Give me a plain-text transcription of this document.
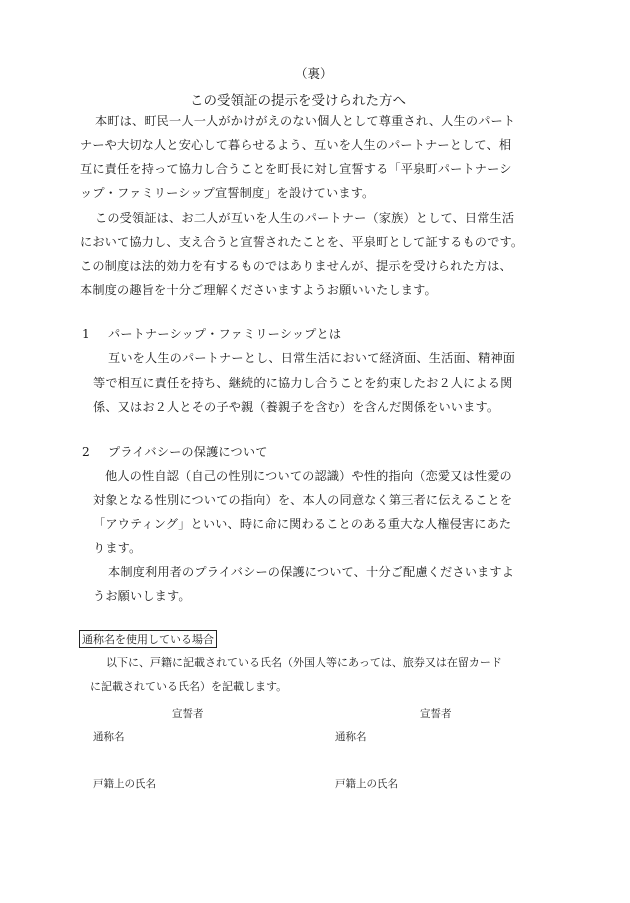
（裏）
この受領証の提示を受けられた方へ
本町は、町民一人一人がかけがえのない個人として尊重され、人生のパート
ナーや大切な人と安心して暮らせるよう、互いを人生のパートナーとして、相
互に責任を持って協力し合うことを町長に対し宣誓する「平泉町パートナーシ
ップ・ファミリーシップ宣誓制度」を設けています。
この受領証は、お二人が互いを人生のパートナー（家族）として、日常生活
において協力し、支え合うと宣誓されたことを、平泉町として証するものです。
この制度は法的効力を有するものではありませんが、提示を受けられた方は、
本制度の趣旨を十分ご理解くださいますようお願いいたします。
1 パートナーシップ・ファミリーシップとは
互いを人生のパートナーとし、日常生活において経済面、生活面、精神面
等で相互に責任を持ち、継続的に協力し合うことを約束したお２人による関
係、又はお２人とその子や親（養親子を含む）を含んだ関係をいいます。
2 プライバシーの保護について
他人の性自認（自己の性別についての認識）や性的指向（恋愛又は性愛の
対象となる性別についての指向）を、本人の同意なく第三者に伝えることを
「アウティング」といい、時に命に関わることのある重大な人権侵害にあた
ります。
本制度利用者のプライバシーの保護について、十分ご配慮くださいますよ
うお願いします。
通称名を使用している場合
以下に、戸籍に記載されている氏名（外国人等にあっては、旅券又は在留カード
に記載されている氏名）を記載します。
宣誓者	宣誓者
通称名	通称名
戸籍上の氏名	戸籍上の氏名
